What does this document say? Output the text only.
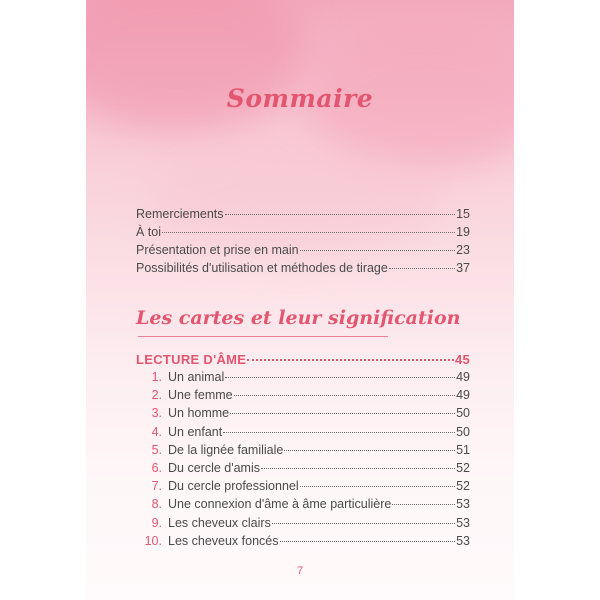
Sommaire
Remerciements	15
À toi	19
Présentation et prise en main	23
Possibilités d'utilisation et méthodes de tirage	37
Les cartes et leur signification
LECTURE D'ÂME	45
1. Un animal	49
2. Une femme	49
3. Un homme	50
4. Un enfant	50
5. De la lignée familiale	51
6. Du cercle d'amis	52
7. Du cercle professionnel	52
8. Une connexion d'âme à âme particulière	53
9. Les cheveux clairs	53
10. Les cheveux foncés	53
7
